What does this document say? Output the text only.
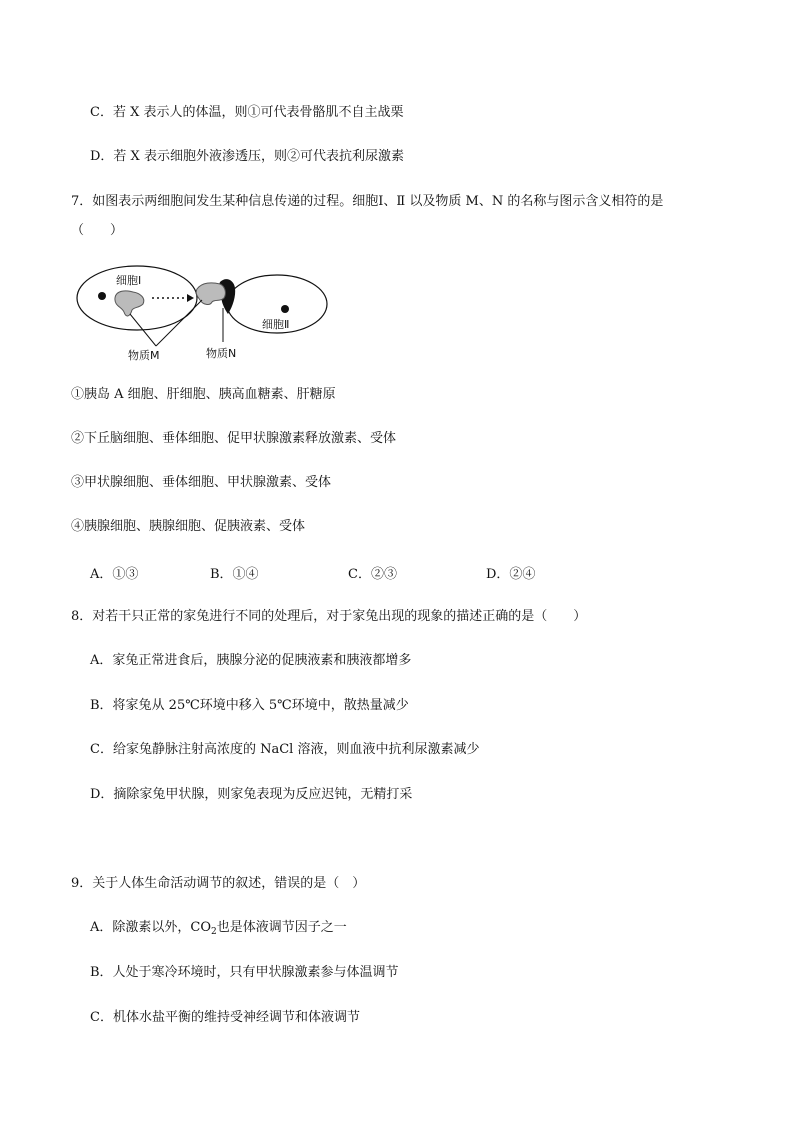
C．若 X 表示人的体温，则①可代表骨骼肌不自主战栗
D．若 X 表示细胞外液渗透压，则②可代表抗利尿激素
7．如图表示两细胞间发生某种信息传递的过程。细胞Ⅰ、Ⅱ 以及物质 M、N 的名称与图示含义相符的是
（　　）
细胞Ⅰ
细胞Ⅱ
物质M	物质N
①胰岛 A 细胞、肝细胞、胰高血糖素、肝糖原
②下丘脑细胞、垂体细胞、促甲状腺激素释放激素、受体
③甲状腺细胞、垂体细胞、甲状腺激素、受体
④胰腺细胞、胰腺细胞、促胰液素、受体
A．①③	B．①④	C．②③	D．②④
8．对若干只正常的家兔进行不同的处理后，对于家兔出现的现象的描述正确的是（　　）
A．家兔正常进食后，胰腺分泌的促胰液素和胰液都增多
B．将家兔从 25℃环境中移入 5℃环境中，散热量减少
C．给家兔静脉注射高浓度的 NaCl 溶液，则血液中抗利尿激素减少
D．摘除家兔甲状腺，则家兔表现为反应迟钝，无精打采
9．关于人体生命活动调节的叙述，错误的是（　）
A．除激素以外，$CO_2$也是体液调节因子之一
B．人处于寒冷环境时，只有甲状腺激素参与体温调节
C．机体水盐平衡的维持受神经调节和体液调节
